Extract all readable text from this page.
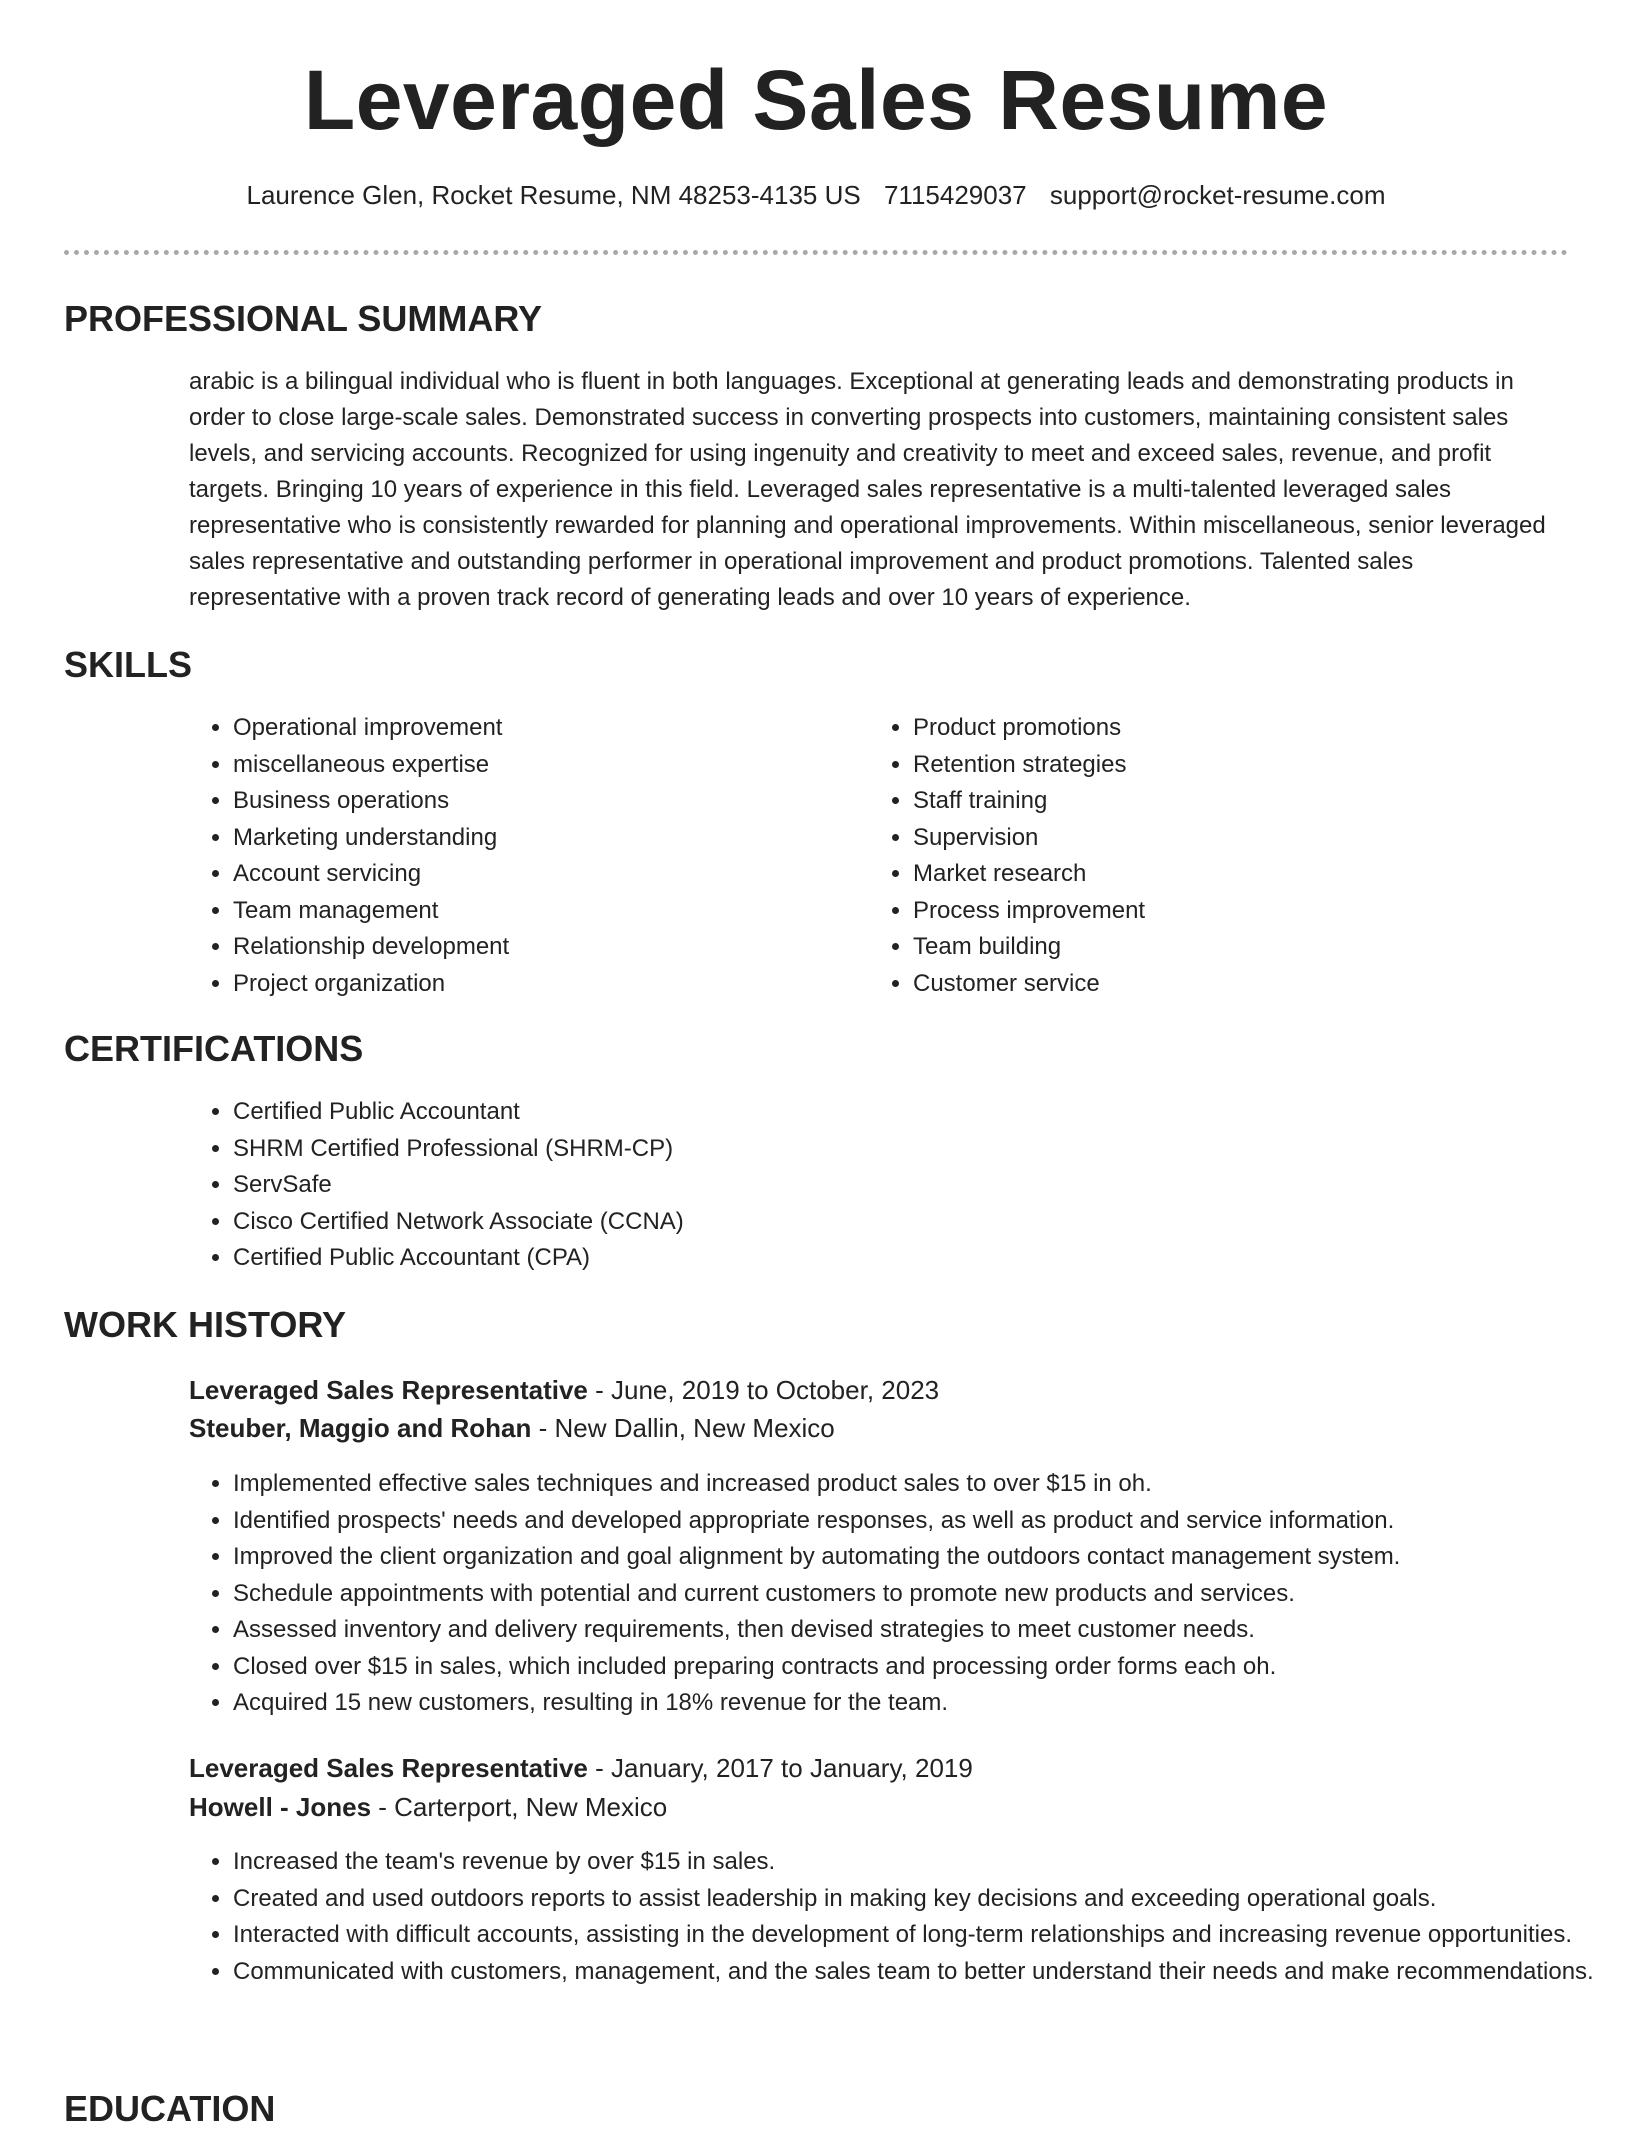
Leveraged Sales Resume
Laurence Glen, Rocket Resume, NM 48253-4135 US 7115429037 support@rocket-resume.com
PROFESSIONAL SUMMARY

arabic is a bilingual individual who is fluent in both languages. Exceptional at generating leads and demonstrating products in order to close large-scale sales. Demonstrated success in converting prospects into customers, maintaining consistent sales levels, and servicing accounts. Recognized for using ingenuity and creativity to meet and exceed sales, revenue, and profit targets. Bringing 10 years of experience in this field. Leveraged sales representative is a multi-talented leveraged sales representative who is consistently rewarded for planning and operational improvements. Within miscellaneous, senior leveraged sales representative and outstanding performer in operational improvement and product promotions. Talented sales representative with a proven track record of generating leads and over 10 years of experience.

SKILLS
• Operational improvement
• miscellaneous expertise
• Business operations
• Marketing understanding
• Account servicing
• Team management
• Relationship development
• Project organization
• Product promotions
• Retention strategies
• Staff training
• Supervision
• Market research
• Process improvement
• Team building
• Customer service
CERTIFICATIONS
• Certified Public Accountant
• SHRM Certified Professional (SHRM-CP)
• ServSafe
• Cisco Certified Network Associate (CCNA)
• Certified Public Accountant (CPA)
WORK HISTORY
Leveraged Sales Representative - June, 2019 to October, 2023
Steuber, Maggio and Rohan - New Dallin, New Mexico
• Implemented effective sales techniques and increased product sales to over $15 in oh.
• Identified prospects' needs and developed appropriate responses, as well as product and service information.
• Improved the client organization and goal alignment by automating the outdoors contact management system.
• Schedule appointments with potential and current customers to promote new products and services.
• Assessed inventory and delivery requirements, then devised strategies to meet customer needs.
• Closed over $15 in sales, which included preparing contracts and processing order forms each oh.
• Acquired 15 new customers, resulting in 18% revenue for the team.
Leveraged Sales Representative - January, 2017 to January, 2019
Howell - Jones - Carterport, New Mexico
• Increased the team's revenue by over $15 in sales.
• Created and used outdoors reports to assist leadership in making key decisions and exceeding operational goals.
• Interacted with difficult accounts, assisting in the development of long-term relationships and increasing revenue opportunities.
• Communicated with customers, management, and the sales team to better understand their needs and make recommendations.
EDUCATION
